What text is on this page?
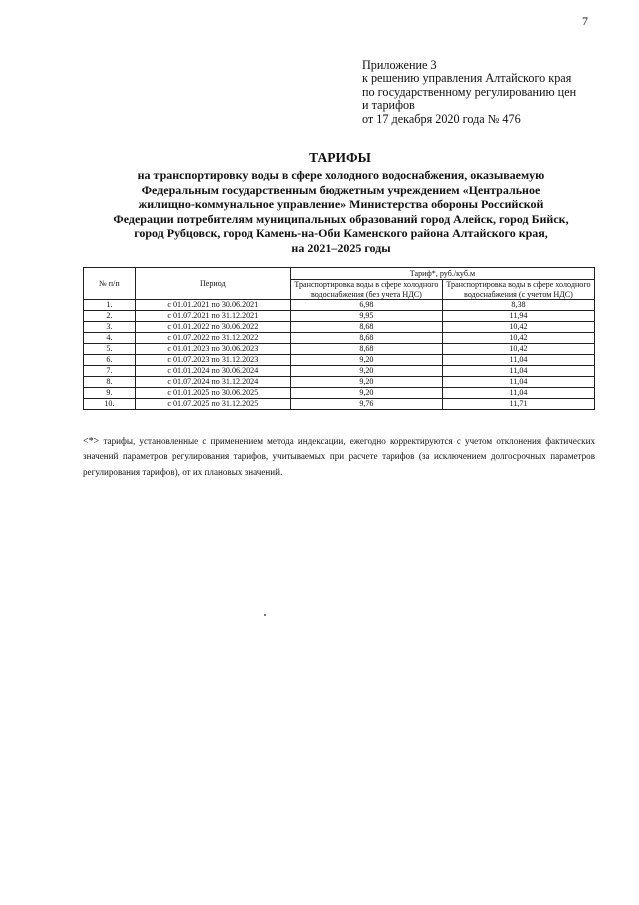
7
Приложение 3
к решению управления Алтайского края
по государственному регулированию цен
и тарифов
от 17 декабря 2020 года № 476
ТАРИФЫ
на транспортировку воды в сфере холодного водоснабжения, оказываемую
Федеральным государственным бюджетным учреждением «Центральное
жилищно-коммунальное управление» Министерства обороны Российской
Федерации потребителям муниципальных образований город Алейск, город Бийск,
город Рубцовск, город Камень-на-Оби Каменского района Алтайского края,
на 2021–2025 годы
№ п/п	Период	Тариф*, руб./куб.м	
		Транспортировка воды в сфере холодного водоснабжения (без учета НДС)	Транспортировка воды в сфере холодного водоснабжения (с учетом НДС)
1.	с 01.01.2021 по 30.06.2021	6,98	8,38
2.	с 01.07.2021 по 31.12.2021	9,95	11,94
3.	с 01.01.2022 по 30.06.2022	8,68	10,42
4.	с 01.07.2022 по 31.12.2022	8,68	10,42
5.	с 01.01.2023 по 30.06.2023	8,68	10,42
6.	с 01.07.2023 по 31.12.2023	9,20	11,04
7.	с 01.01.2024 по 30.06.2024	9,20	11,04
8.	с 01.07.2024 по 31.12.2024	9,20	11,04
9.	с 01.01.2025 по 30.06.2025	9,20	11,04
10.	с 01.07.2025 по 31.12.2025	9,76	11,71
<*> тарифы, установленные с применением метода индексации, ежегодно корректируются с учетом отклонения фактических значений параметров регулирования тарифов, учитываемых при расчете тарифов (за исключением долгосрочных параметров регулирования тарифов), от их плановых значений.
